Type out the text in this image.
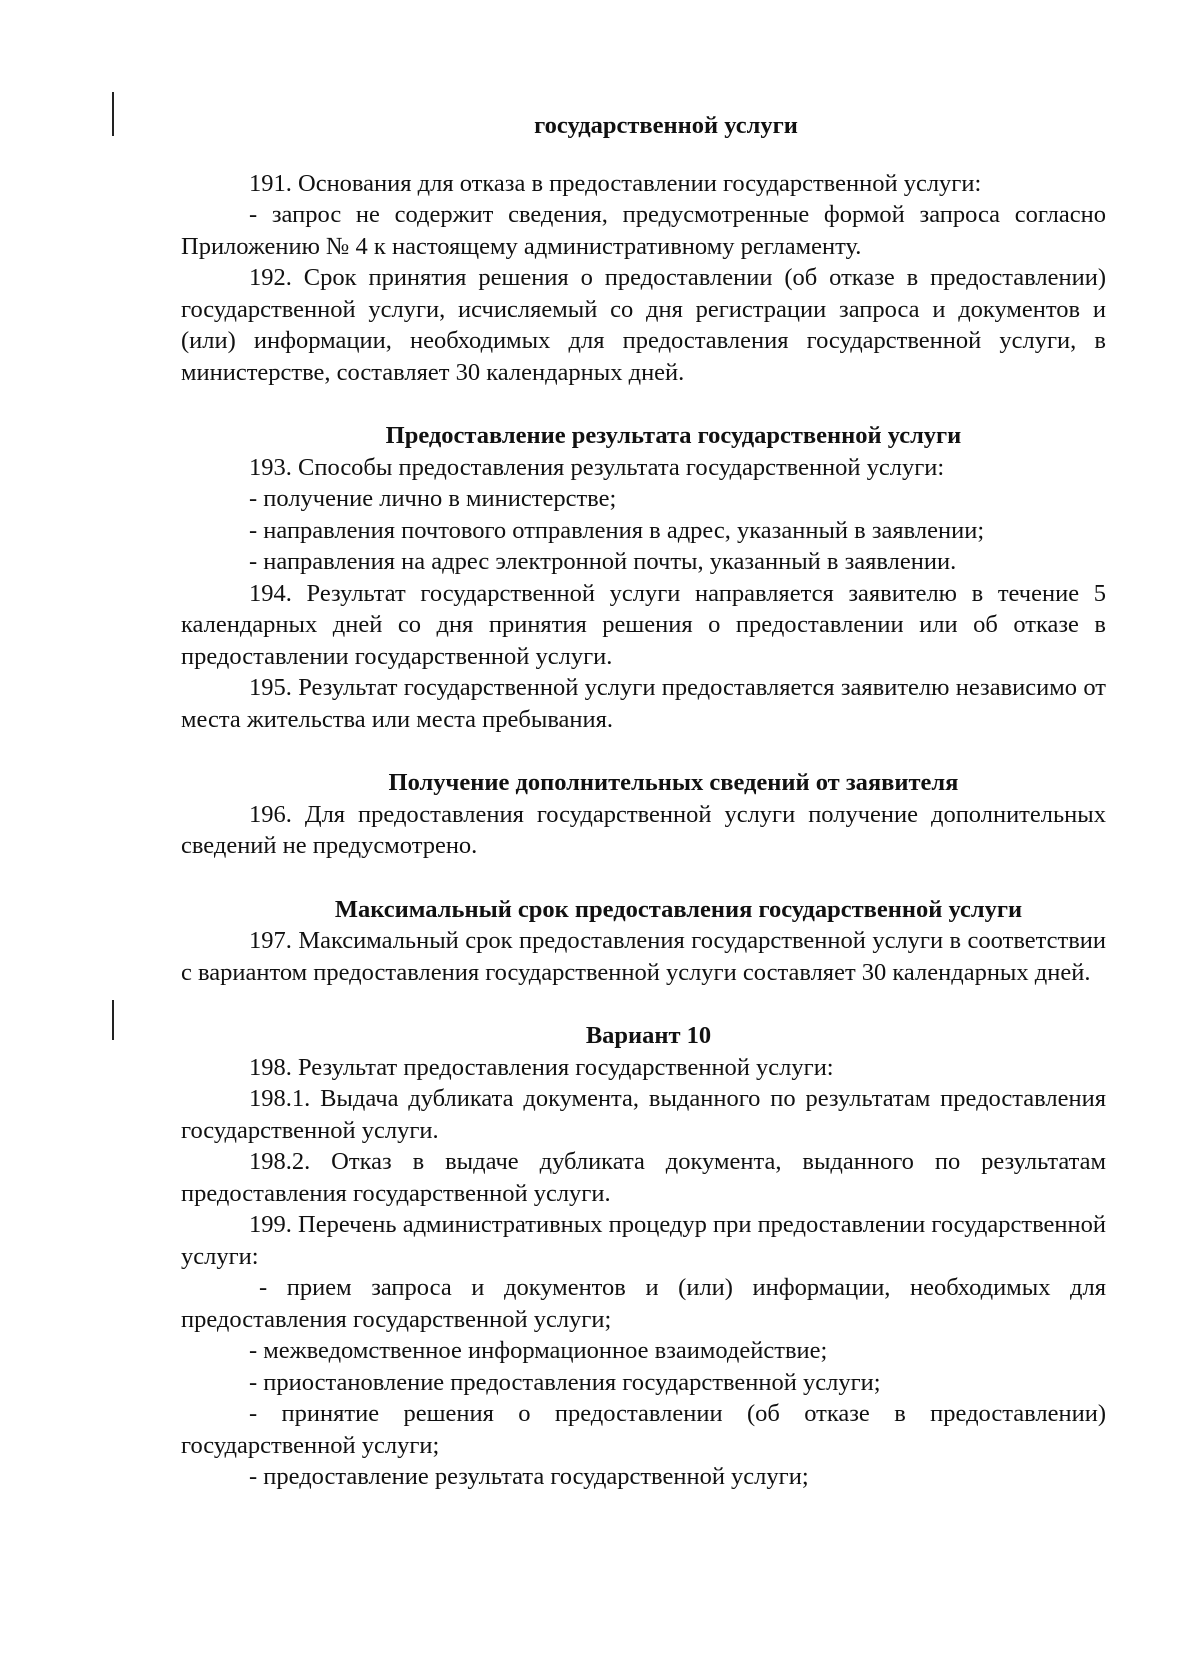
государственной услуги

191. Основания для отказа в предоставлении государственной услуги:

- запрос не содержит сведения, предусмотренные формой запроса согласно Приложению № 4 к настоящему административному регламенту.

192. Срок принятия решения о предоставлении (об отказе в предоставлении) государственной услуги, исчисляемый со дня регистрации запроса и документов и (или) информации, необходимых для предоставления государственной услуги, в министерстве, составляет 30 календарных дней.

Предоставление результата государственной услуги

193. Способы предоставления результата государственной услуги:

- получение лично в министерстве;

- направления почтового отправления в адрес, указанный в заявлении;

- направления на адрес электронной почты, указанный в заявлении.

194. Результат государственной услуги направляется заявителю в течение 5 календарных дней со дня принятия решения о предоставлении или об отказе в предоставлении государственной услуги.

195. Результат государственной услуги предоставляется заявителю независимо от места жительства или места пребывания.

Получение дополнительных сведений от заявителя

196. Для предоставления государственной услуги получение дополнительных сведений не предусмотрено.

Максимальный срок предоставления государственной услуги

197. Максимальный срок предоставления государственной услуги в соответствии с вариантом предоставления государственной услуги составляет 30 календарных дней.

Вариант 10

198. Результат предоставления государственной услуги:

198.1. Выдача дубликата документа, выданного по результатам предоставления государственной услуги.

198.2. Отказ в выдаче дубликата документа, выданного по результатам предоставления государственной услуги.

199. Перечень административных процедур при предоставлении государственной услуги:

- прием запроса и документов и (или) информации, необходимых для предоставления государственной услуги;

- межведомственное информационное взаимодействие;

- приостановление предоставления государственной услуги;

- принятие решения о предоставлении (об отказе в предоставлении) государственной услуги;

- предоставление результата государственной услуги;
